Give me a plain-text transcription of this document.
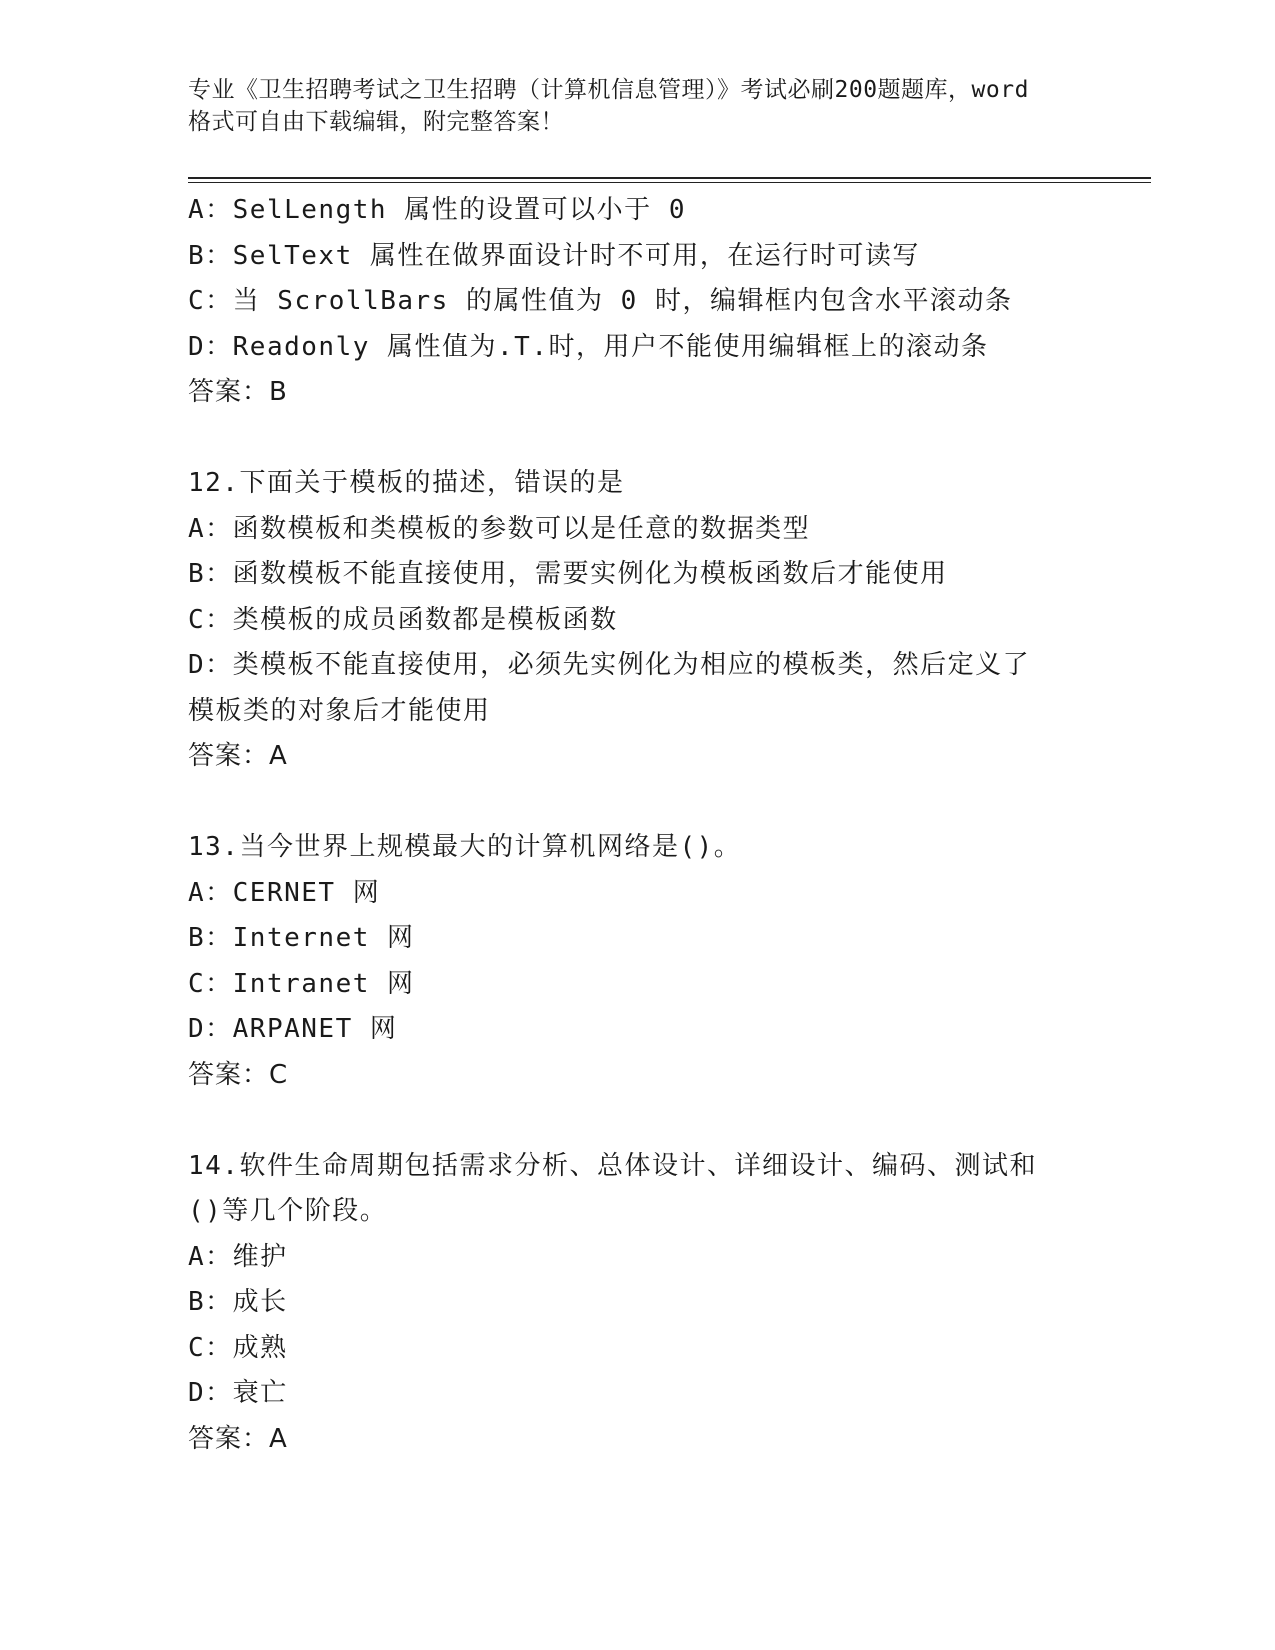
专业《卫生招聘考试之卫生招聘（计算机信息管理）》考试必刷200题题库，word
格式可自由下载编辑，附完整答案！
A：SelLength 属性的设置可以小于 0
B：SelText 属性在做界面设计时不可用，在运行时可读写
C：当 ScrollBars 的属性值为 0 时，编辑框内包含水平滚动条
D：Readonly 属性值为.T.时，用户不能使用编辑框上的滚动条
答案：B
12.下面关于模板的描述，错误的是
A：函数模板和类模板的参数可以是任意的数据类型
B：函数模板不能直接使用，需要实例化为模板函数后才能使用
C：类模板的成员函数都是模板函数
D：类模板不能直接使用，必须先实例化为相应的模板类，然后定义了
模板类的对象后才能使用
答案：A
13.当今世界上规模最大的计算机网络是()。
A：CERNET 网
B：Internet 网
C：Intranet 网
D：ARPANET 网
答案：C
14.软件生命周期包括需求分析、总体设计、详细设计、编码、测试和
()等几个阶段。
A：维护
B：成长
C：成熟
D：衰亡
答案：A
